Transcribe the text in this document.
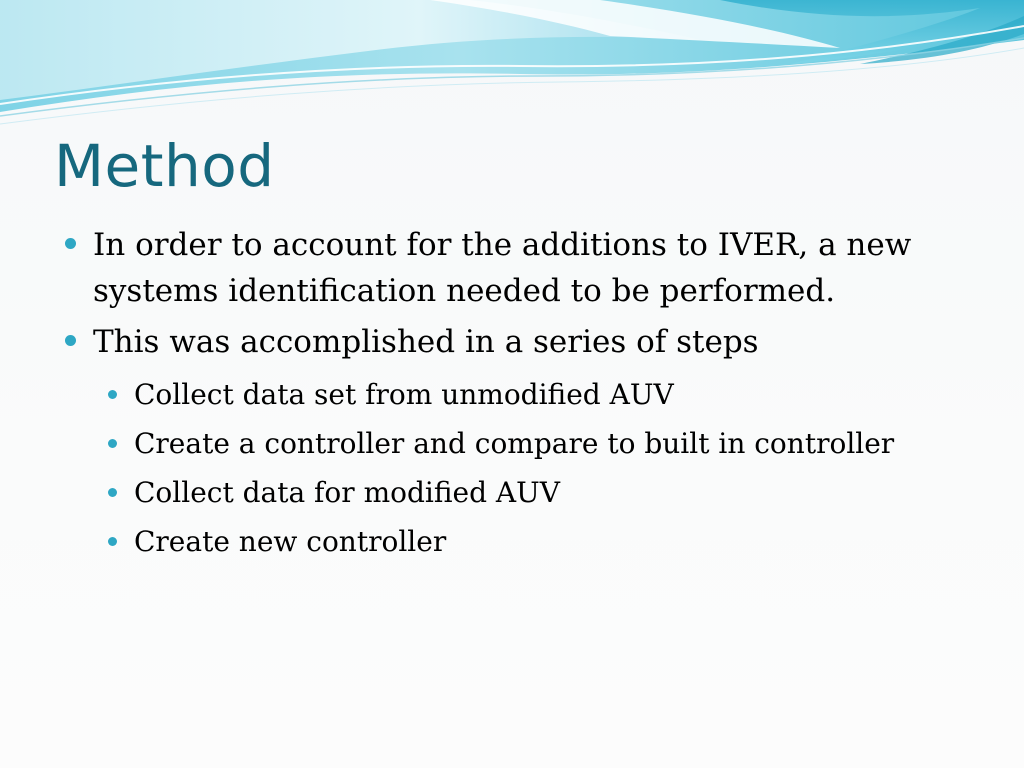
Method
In order to account for the additions to IVER, a new systems identification needed to be performed.
This was accomplished in a series of steps
Collect data set from unmodified AUV
Create a controller and compare to built in controller
Collect data for modified AUV
Create new controller
